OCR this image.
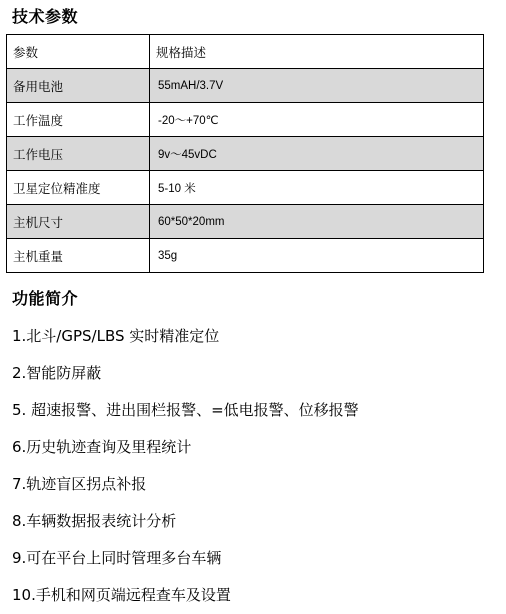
技术参数
参数	规格描述
备用电池	55mAH/3.7V
工作温度	-20～+70℃
工作电压	9v～45vDC
卫星定位精准度	5-10 米
主机尺寸	60*50*20mm
主机重量	35g
功能简介
1.北斗/GPS/LBS 实时精准定位
2.智能防屏蔽
5. 超速报警、进出围栏报警、=低电报警、位移报警
6.历史轨迹查询及里程统计
7.轨迹盲区拐点补报
8.车辆数据报表统计分析
9.可在平台上同时管理多台车辆
10.手机和网页端远程查车及设置
